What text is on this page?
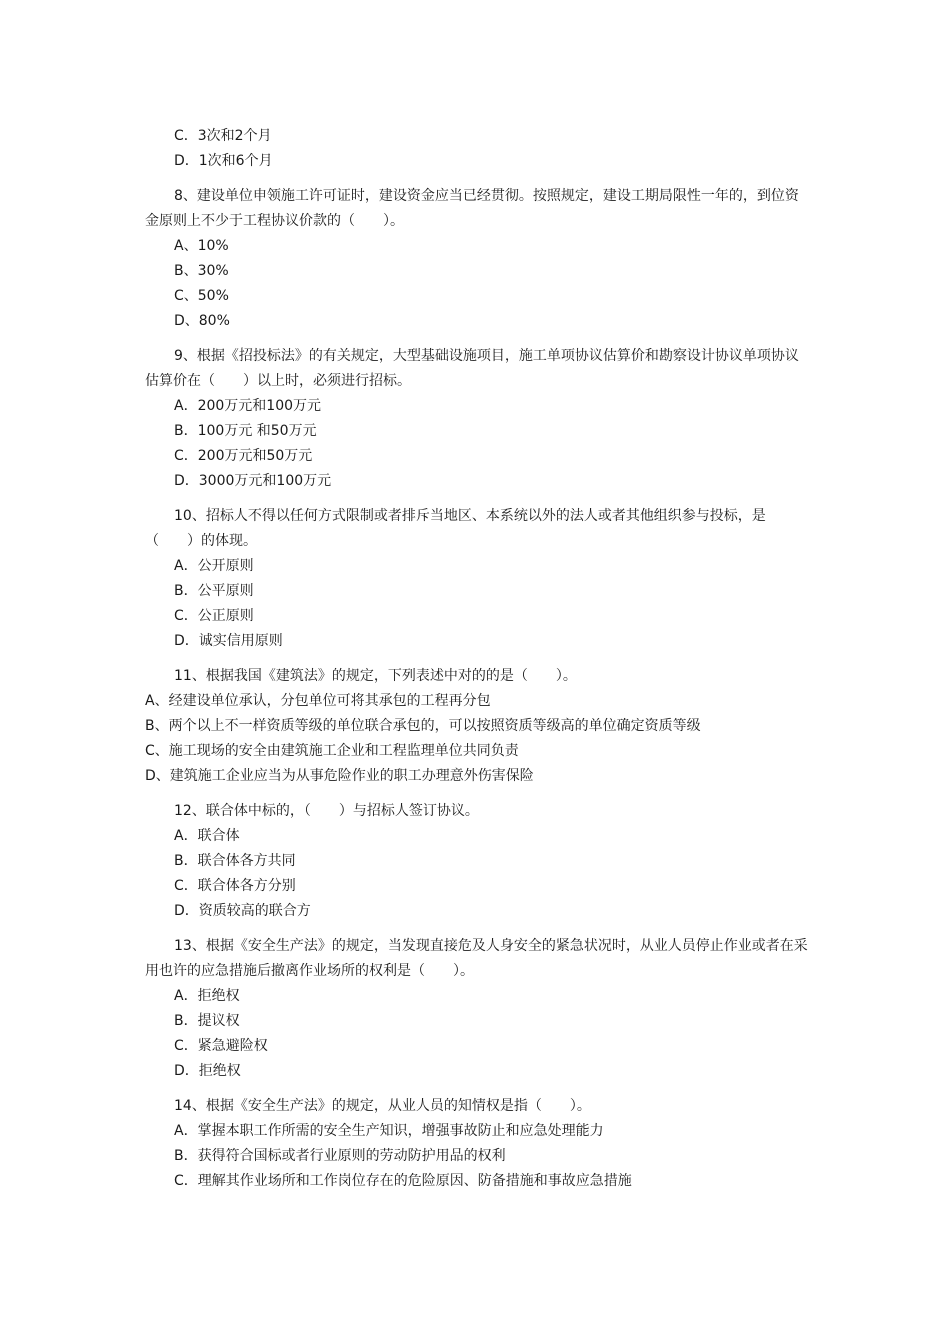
C．3次和2个月
D．1次和6个月
8、建设单位申领施工许可证时，建设资金应当已经贯彻。按照规定，建设工期局限性一年的，到位资金原则上不少于工程协议价款的（　　）。
A、10%
B、30%
C、50%
D、80%
9、根据《招投标法》的有关规定，大型基础设施项目，施工单项协议估算价和勘察设计协议单项协议估算价在（　　）以上时，必须进行招标。
A．200万元和100万元
B．100万元 和50万元
C．200万元和50万元
D．3000万元和100万元
10、招标人不得以任何方式限制或者排斥当地区、本系统以外的法人或者其他组织参与投标，是（　　）的体现。
A．公开原则
B．公平原则
C．公正原则
D．诚实信用原则
11、根据我国《建筑法》的规定，下列表述中对的的是（　　）。
A、经建设单位承认，分包单位可将其承包的工程再分包
B、两个以上不一样资质等级的单位联合承包的，可以按照资质等级高的单位确定资质等级
C、施工现场的安全由建筑施工企业和工程监理单位共同负责
D、建筑施工企业应当为从事危险作业的职工办理意外伤害保险
12、联合体中标的，（　　）与招标人签订协议。
A．联合体
B．联合体各方共同
C．联合体各方分别
D．资质较高的联合方
13、根据《安全生产法》的规定，当发现直接危及人身安全的紧急状况时，从业人员停止作业或者在采用也许的应急措施后撤离作业场所的权利是（　　）。
A．拒绝权
B．提议权
C．紧急避险权
D．拒绝权
14、根据《安全生产法》的规定，从业人员的知情权是指（　　）。
A．掌握本职工作所需的安全生产知识，增强事故防止和应急处理能力
B．获得符合国标或者行业原则的劳动防护用品的权利
C．理解其作业场所和工作岗位存在的危险原因、防备措施和事故应急措施
